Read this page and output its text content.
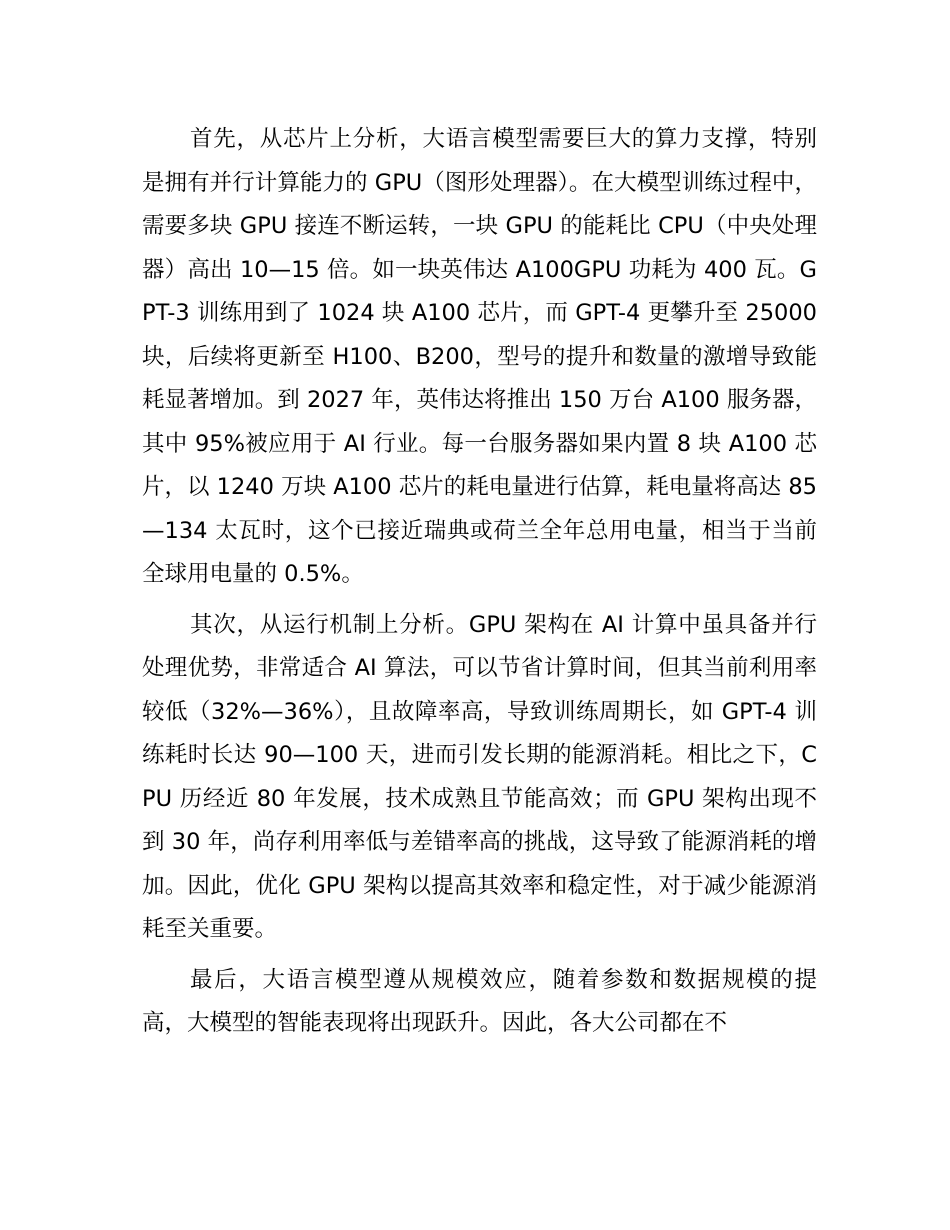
首先，从芯片上分析，大语言模型需要巨大的算力支撑，特别是拥有并行计算能力的 GPU（图形处理器）。在大模型训练过程中，需要多块 GPU 接连不断运转，一块 GPU 的能耗比 CPU（中央处理器）高出 10—15 倍。如一块英伟达 A100GPU 功耗为 400 瓦。GPT-3 训练用到了 1024 块 A100 芯片，而 GPT-4 更攀升至 25000 块，后续将更新至 H100、B200，型号的提升和数量的激增导致能耗显著增加。到 2027 年，英伟达将推出 150 万台 A100 服务器，其中 95%被应用于 AI 行业。每一台服务器如果内置 8 块 A100 芯片，以 1240 万块 A100 芯片的耗电量进行估算，耗电量将高达 85—134 太瓦时，这个已接近瑞典或荷兰全年总用电量，相当于当前全球用电量的 0.5%。

其次，从运行机制上分析。GPU 架构在 AI 计算中虽具备并行处理优势，非常适合 AI 算法，可以节省计算时间，但其当前利用率较低（32%—36%），且故障率高，导致训练周期长，如 GPT-4 训练耗时长达 90—100 天，进而引发长期的能源消耗。相比之下，CPU 历经近 80 年发展，技术成熟且节能高效；而 GPU 架构出现不到 30 年，尚存利用率低与差错率高的挑战，这导致了能源消耗的增加。因此，优化 GPU 架构以提高其效率和稳定性，对于减少能源消耗至关重要。

最后，大语言模型遵从规模效应，随着参数和数据规模的提高，大模型的智能表现将出现跃升。因此，各大公司都在不
